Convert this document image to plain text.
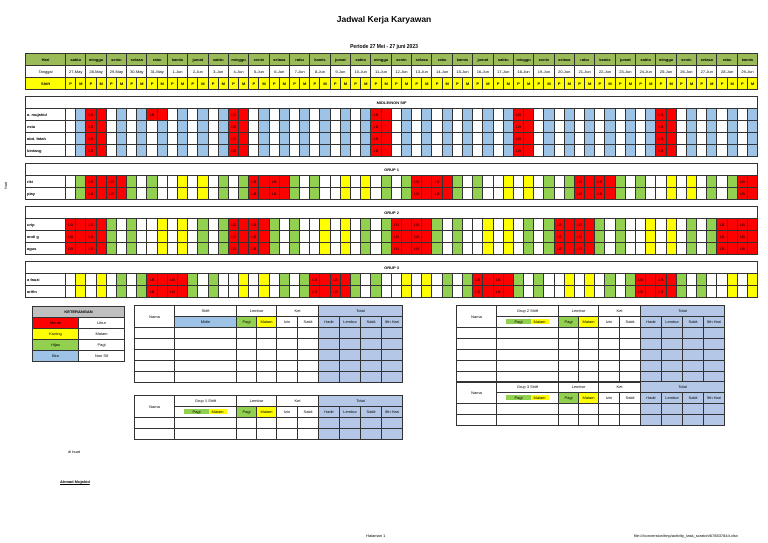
Jadwal Kerja Karyawan
Periode 27 Mei - 27 juni 2023
Hari	sabtu	minggu	senin	selasa	rabu	kamis	jumat	sabtu	minggu	senin	selasa	rabu	kamis	jumat	sabtu	minggu	senin	selasa	rabu	kamis	jumat	sabtu	minggu	senin	selasa	rabu	kamis	jumat	sabtu	minggu	senin	selasa	rabu	kamis
Tanggal	27-May	28-May	29-May	30-May	31-May	1-Jun	2-Jun	3-Jun	4-Jun	5-Jun	6-Jun	7-Jun	8-Jun	9-Jun	10-Jun	11-Jun	12-Jun	13-Jun	14-Jun	15-Jun	16-Jun	17-Jun	18-Jun	19-Jun	20-Jun	21-Jun	22-Jun	23-Jun	24-Jun	25-Jun	26-Jun	27-Jun	28-Jun	29-Jun
Shift	P	M	P	M	P	M	P	M	P	M	P	M	P	M	P	M	P	M	P	M	P	M	P	M	P	M	P	M	P	M	P	M	P	M	P	M	P	M	P	M	P	M	P	M	P	M	P	M	P	M	P	M	P	M	P	M	P	M	P	M	P	M	P	M	P	M	P	M

MIDLE/NON SIF
a. mujahid			LB						LB								LB														LB														LB														LB									
estu			LB														LB														LB														LB														LB									
abd. fatah			LB														LB														LB														LB														LB									
bintang			LB														LB														LB														LB														LB									

GRUP 1
riki			LB		LB														LB		LB														LB		LB														LB		LB														LB	
play			LB		LB														LB		LB														LB		LB														LB		LB														LB	

GRUP 2
urip	LB		LB														LB		LB														LB		LB														LB		LB														LB		LB	
andi g	LB		LB														LB		LB														LB		LB														LB		LB														LB		LB	
agus	LB		LB														LB		LB														LB		LB														LB		LB														LB		LB	

GRUP 3
a fauzi									LB		LB														LB		LB														LB		LB														LB		LB									
arifin									LB		LB														LB		LB														LB		LB														LB		LB									
Nuri
KETERANGAN	
Merah	Libur
Kuning	Malam
Hijau	Pagi
Biru	Non Sif
Nama	Shift	Lembur		Ket		Total			
	Midle	Pagi	Malam	Izin	Sakit	Hadir	Lembur	Sakit	5th Hari

Nama	Grup 1 Shift	Lembur		Ket		Total			
	Pagi Malam	Pagi	Malam	Izin	Sakit	Hadir	Lembur	Sakit	5th Hari

Nama	Grup 2 Shift	Lembur		Ket		Total			
	Pagi Malam	Pagi	Malam	Izin	Sakit	Hadir	Lembur	Sakit	5th Hari

Nama	Grup 3 Shift	Lembur		Ket		Total			
	Pagi Malam	Pagi	Malam	Izin	Sakit	Hadir	Lembur	Sakit	5th Hari

di buat
Ahmad Mujahid
Halaman 1	file:///conversion/tmp/activity_task_scratch/678537844.xlsx
